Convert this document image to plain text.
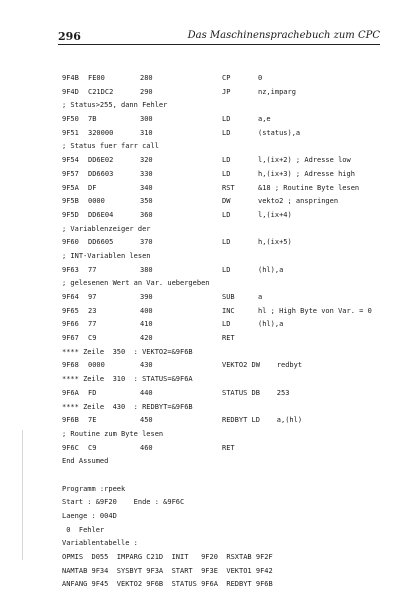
296	Das Maschinensprachebuch zum CPC
9F4B FE00	280	CP	0
9F4D C21DC2	290	JP	nz,imparg
; Status>255, dann Fehler
9F50 7B	300	LD	a,e
9F51 320000	310	LD	(status),a
; Status fuer farr call
9F54 DD6E02	320	LD	l,(ix+2) ; Adresse low
9F57 DD6603	330	LD	h,(ix+3) ; Adresse high
9F5A DF	340	RST	&18 ; Routine Byte lesen
9F5B 0000	350	DW	vekto2 ; anspringen
9F5D DD6E04	360	LD	l,(ix+4)
; Variablenzeiger der
9F60 DD6605	370	LD	h,(ix+5)
; INT-Variablen lesen
9F63 77	380	LD	(hl),a
; gelesenen Wert an Var. uebergeben
9F64 97	390	SUB	a
9F65 23	400	INC	hl ; High Byte von Var. = 0
9F66 77	410	LD	(hl),a
9F67 C9	420	RET
**** Zeile  350  : VEKTO2=&9F6B
9F68 0000	430	VEKTO2 DW    redbyt
**** Zeile  310  : STATUS=&9F6A
9F6A FD	440	STATUS DB    253
**** Zeile  430  : REDBYT=&9F6B
9F6B 7E	450	REDBYT LD    a,(hl)
; Routine zum Byte lesen
9F6C C9	460	RET
End Assumed
Programm :rpeek
Start : &9F20    Ende : &9F6C
Laenge : 004D
0  Fehler
Variablentabelle :
OPMIS  D055  IMPARG C21D  INIT   9F20  RSXTAB 9F2F
NAMTAB 9F34  SYSBYT 9F3A  START  9F3E  VEKTO1 9F42
ANFANG 9F45  VEKTO2 9F6B  STATUS 9F6A  REDBYT 9F6B
